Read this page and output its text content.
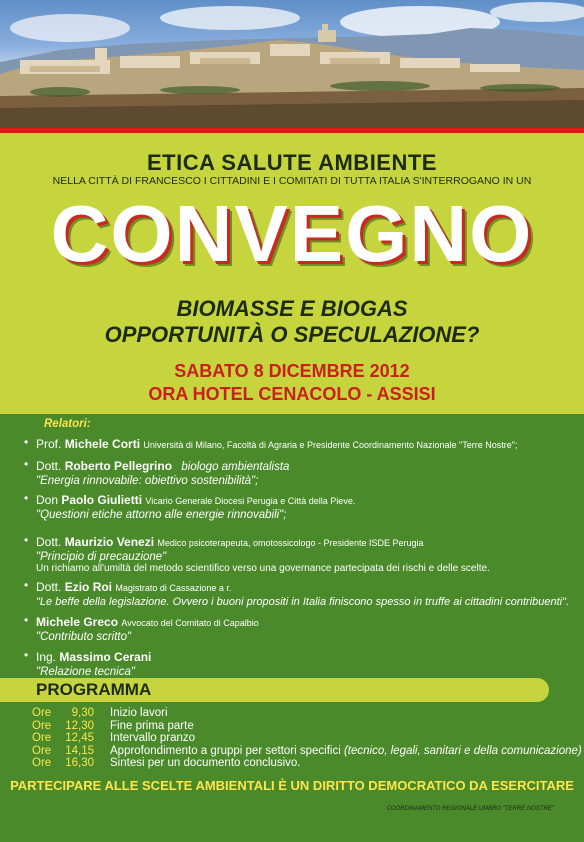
ETICA SALUTE AMBIENTE
NELLA CITTÀ DI FRANCESCO I CITTADINI E I COMITATI DI TUTTA ITALIA S'INTERROGANO IN UN
CONVEGNO
BIOMASSE E BIOGAS
OPPORTUNITÀ O SPECULAZIONE?
SABATO 8 DICEMBRE 2012
ORA HOTEL CENACOLO - ASSISI
Relatori:
• Prof. Michele Corti Università di Milano, Facoltà di Agraria e Presidente Coordinamento Nazionale "Terre Nostre";
• Dott. Roberto Pellegrino biologo ambientalista
"Energia rinnovabile: obiettivo sostenibilità";
• Don Paolo Giulietti Vicario Generale Diocesi Perugia e Città della Pieve.
"Questioni etiche attorno alle energie rinnovabili";
• Dott. Maurizio Venezi Medico psicoterapeuta, omotossicologo - Presidente ISDE Perugia
"Principio di precauzione"
Un richiamo all'umiltà del metodo scientifico verso una governance partecipata dei rischi e delle scelte.
• Dott. Ezio Roi Magistrato di Cassazione a r.
"Le beffe della legislazione. Ovvero i buoni propositi in Italia finiscono spesso in truffe ai cittadini contribuenti".
• Michele Greco Avvocato del Comitato di Capalbio
"Contributo scritto"
• Ing. Massimo Cerani
"Relazione tecnica"
PROGRAMMA
Ore 9,30 Inizio lavori
Ore 12,30 Fine prima parte
Ore 12,45 Intervallo pranzo
Ore 14,15 Approfondimento a gruppi per settori specifici (tecnico, legali, sanitari e della comunicazione)
Ore 16,30 Sintesi per un documento conclusivo.
PARTECIPARE ALLE SCELTE AMBIENTALI È UN DIRITTO DEMOCRATICO DA ESERCITARE
COORDINAMENTO REGIONALE UMBRO "TERRE NOSTRE"
